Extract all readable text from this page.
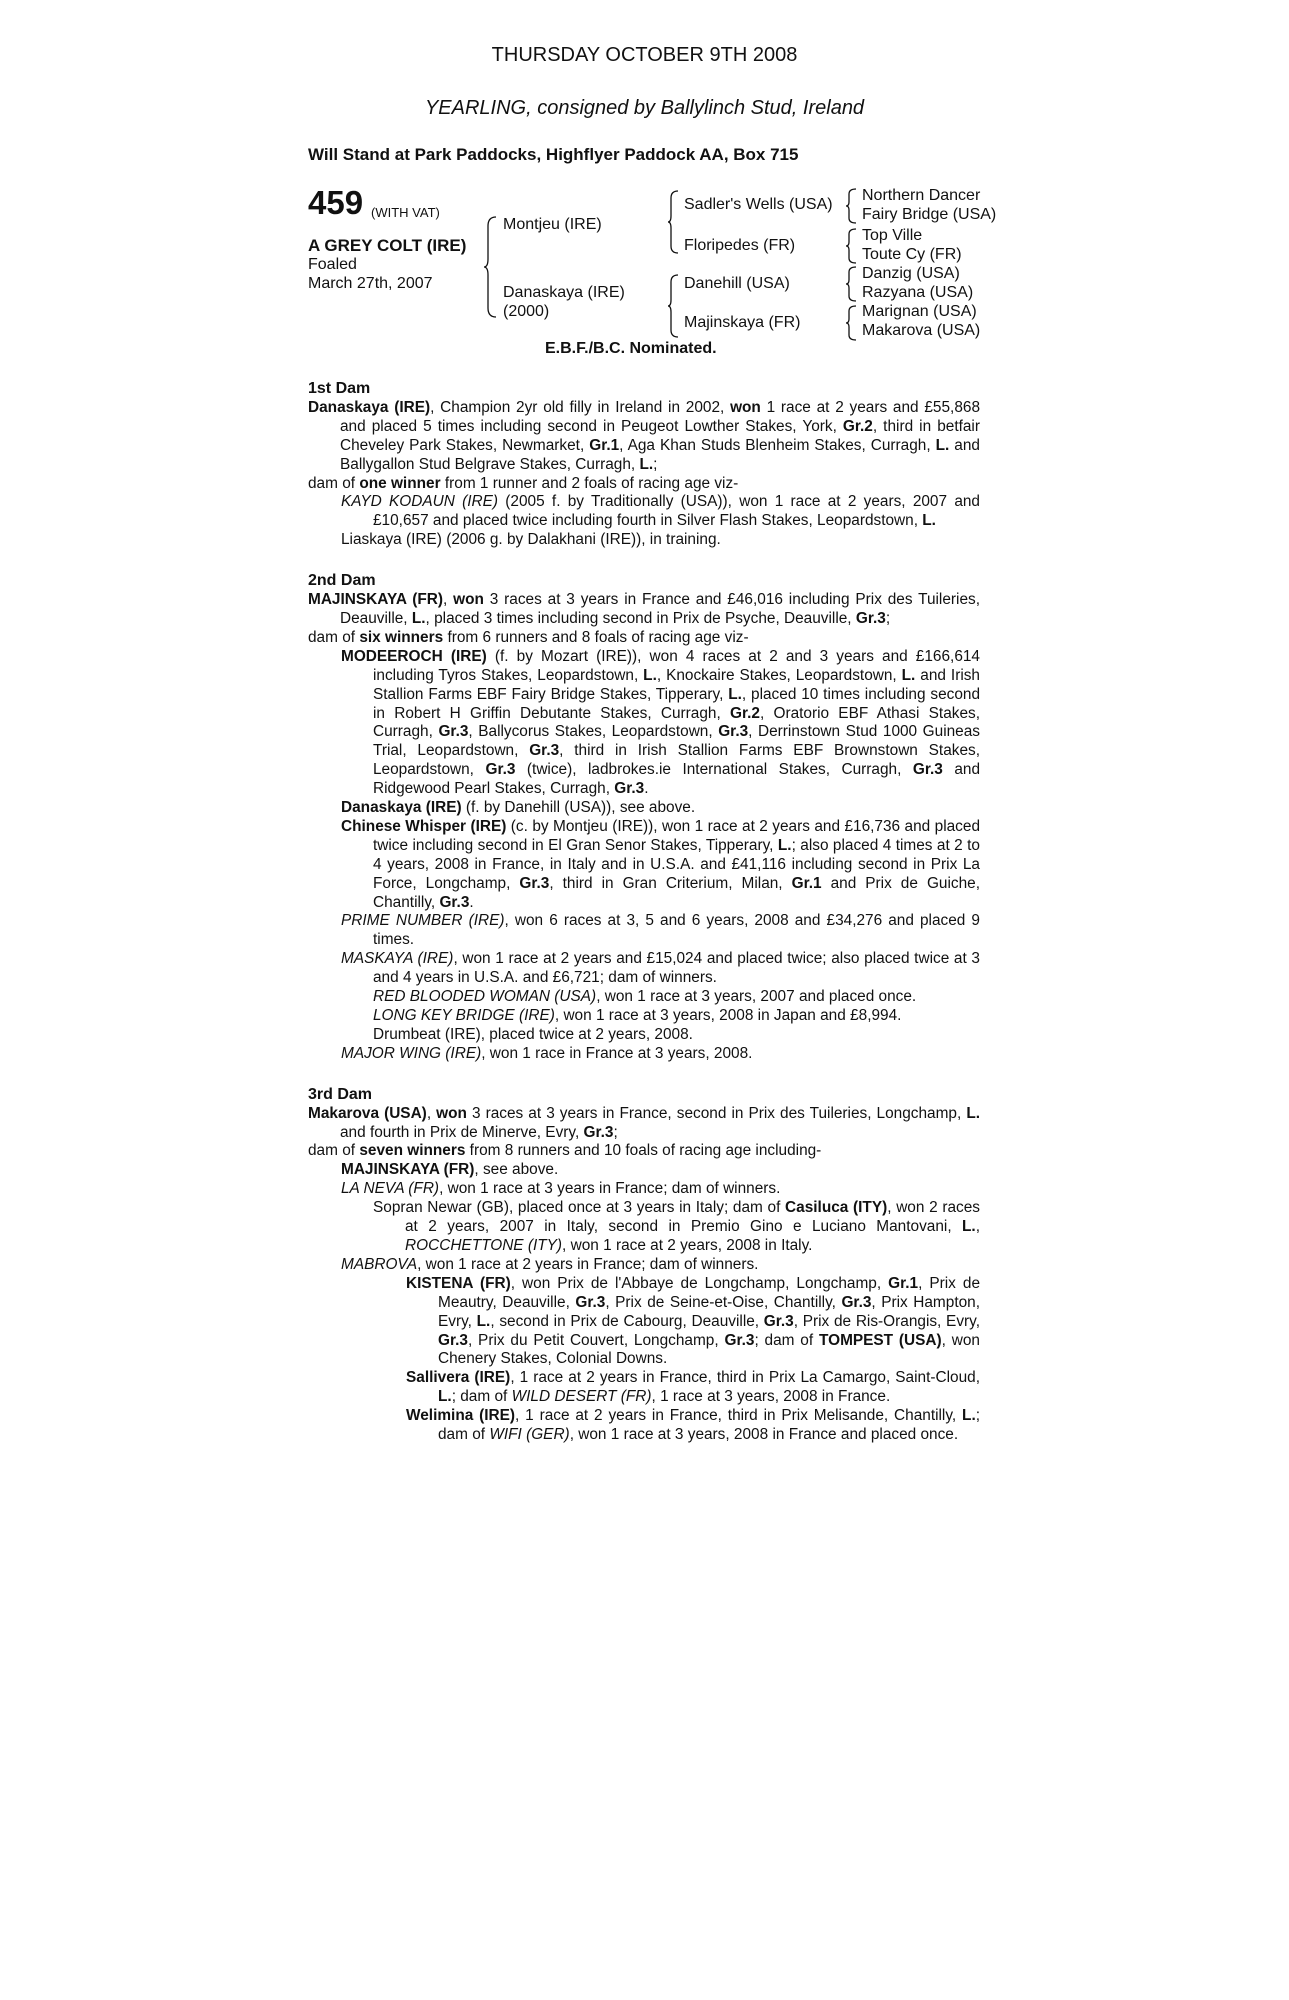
THURSDAY OCTOBER 9TH 2008
YEARLING, consigned by Ballylinch Stud, Ireland
Will Stand at Park Paddocks, Highflyer Paddock AA, Box 715
459 (WITH VAT)
A GREY COLT (IRE)
Foaled
March 27th, 2007
Montjeu (IRE)
Danaskaya (IRE)
(2000)
Sadler's Wells (USA)
Floripedes (FR)
Danehill (USA)
Majinskaya (FR)
Northern Dancer
Fairy Bridge (USA)
Top Ville
Toute Cy (FR)
Danzig (USA)
Razyana (USA)
Marignan (USA)
Makarova (USA)
E.B.F./B.C. Nominated.
1st Dam

Danaskaya (IRE), Champion 2yr old filly in Ireland in 2002, won 1 race at 2 years and £55,868 and placed 5 times including second in Peugeot Lowther Stakes, York, Gr.2, third in betfair Cheveley Park Stakes, Newmarket, Gr.1, Aga Khan Studs Blenheim Stakes, Curragh, L. and Ballygallon Stud Belgrave Stakes, Curragh, L.;

dam of one winner from 1 runner and 2 foals of racing age viz-

KAYD KODAUN (IRE) (2005 f. by Traditionally (USA)), won 1 race at 2 years, 2007 and £10,657 and placed twice including fourth in Silver Flash Stakes, Leopardstown, L.

Liaskaya (IRE) (2006 g. by Dalakhani (IRE)), in training.

2nd Dam

MAJINSKAYA (FR), won 3 races at 3 years in France and £46,016 including Prix des Tuileries, Deauville, L., placed 3 times including second in Prix de Psyche, Deauville, Gr.3;

dam of six winners from 6 runners and 8 foals of racing age viz-

MODEEROCH (IRE) (f. by Mozart (IRE)), won 4 races at 2 and 3 years and £166,614 including Tyros Stakes, Leopardstown, L., Knockaire Stakes, Leopardstown, L. and Irish Stallion Farms EBF Fairy Bridge Stakes, Tipperary, L., placed 10 times including second in Robert H Griffin Debutante Stakes, Curragh, Gr.2, Oratorio EBF Athasi Stakes, Curragh, Gr.3, Ballycorus Stakes, Leopardstown, Gr.3, Derrinstown Stud 1000 Guineas Trial, Leopardstown, Gr.3, third in Irish Stallion Farms EBF Brownstown Stakes, Leopardstown, Gr.3 (twice), ladbrokes.ie International Stakes, Curragh, Gr.3 and Ridgewood Pearl Stakes, Curragh, Gr.3.

Danaskaya (IRE) (f. by Danehill (USA)), see above.

Chinese Whisper (IRE) (c. by Montjeu (IRE)), won 1 race at 2 years and £16,736 and placed twice including second in El Gran Senor Stakes, Tipperary, L.; also placed 4 times at 2 to 4 years, 2008 in France, in Italy and in U.S.A. and £41,116 including second in Prix La Force, Longchamp, Gr.3, third in Gran Criterium, Milan, Gr.1 and Prix de Guiche, Chantilly, Gr.3.

PRIME NUMBER (IRE), won 6 races at 3, 5 and 6 years, 2008 and £34,276 and placed 9 times.

MASKAYA (IRE), won 1 race at 2 years and £15,024 and placed twice; also placed twice at 3 and 4 years in U.S.A. and £6,721; dam of winners.

RED BLOODED WOMAN (USA), won 1 race at 3 years, 2007 and placed once.

LONG KEY BRIDGE (IRE), won 1 race at 3 years, 2008 in Japan and £8,994.

Drumbeat (IRE), placed twice at 2 years, 2008.

MAJOR WING (IRE), won 1 race in France at 3 years, 2008.

3rd Dam

Makarova (USA), won 3 races at 3 years in France, second in Prix des Tuileries, Longchamp, L. and fourth in Prix de Minerve, Evry, Gr.3;

dam of seven winners from 8 runners and 10 foals of racing age including-

MAJINSKAYA (FR), see above.

LA NEVA (FR), won 1 race at 3 years in France; dam of winners.

Sopran Newar (GB), placed once at 3 years in Italy; dam of Casiluca (ITY), won 2 races at 2 years, 2007 in Italy, second in Premio Gino e Luciano Mantovani, L., ROCCHETTONE (ITY), won 1 race at 2 years, 2008 in Italy.

MABROVA, won 1 race at 2 years in France; dam of winners.

KISTENA (FR), won Prix de l'Abbaye de Longchamp, Longchamp, Gr.1, Prix de Meautry, Deauville, Gr.3, Prix de Seine-et-Oise, Chantilly, Gr.3, Prix Hampton, Evry, L., second in Prix de Cabourg, Deauville, Gr.3, Prix de Ris-Orangis, Evry, Gr.3, Prix du Petit Couvert, Longchamp, Gr.3; dam of TOMPEST (USA), won Chenery Stakes, Colonial Downs.

Sallivera (IRE), 1 race at 2 years in France, third in Prix La Camargo, Saint-Cloud, L.; dam of WILD DESERT (FR), 1 race at 3 years, 2008 in France.

Welimina (IRE), 1 race at 2 years in France, third in Prix Melisande, Chantilly, L.; dam of WIFI (GER), won 1 race at 3 years, 2008 in France and placed once.
